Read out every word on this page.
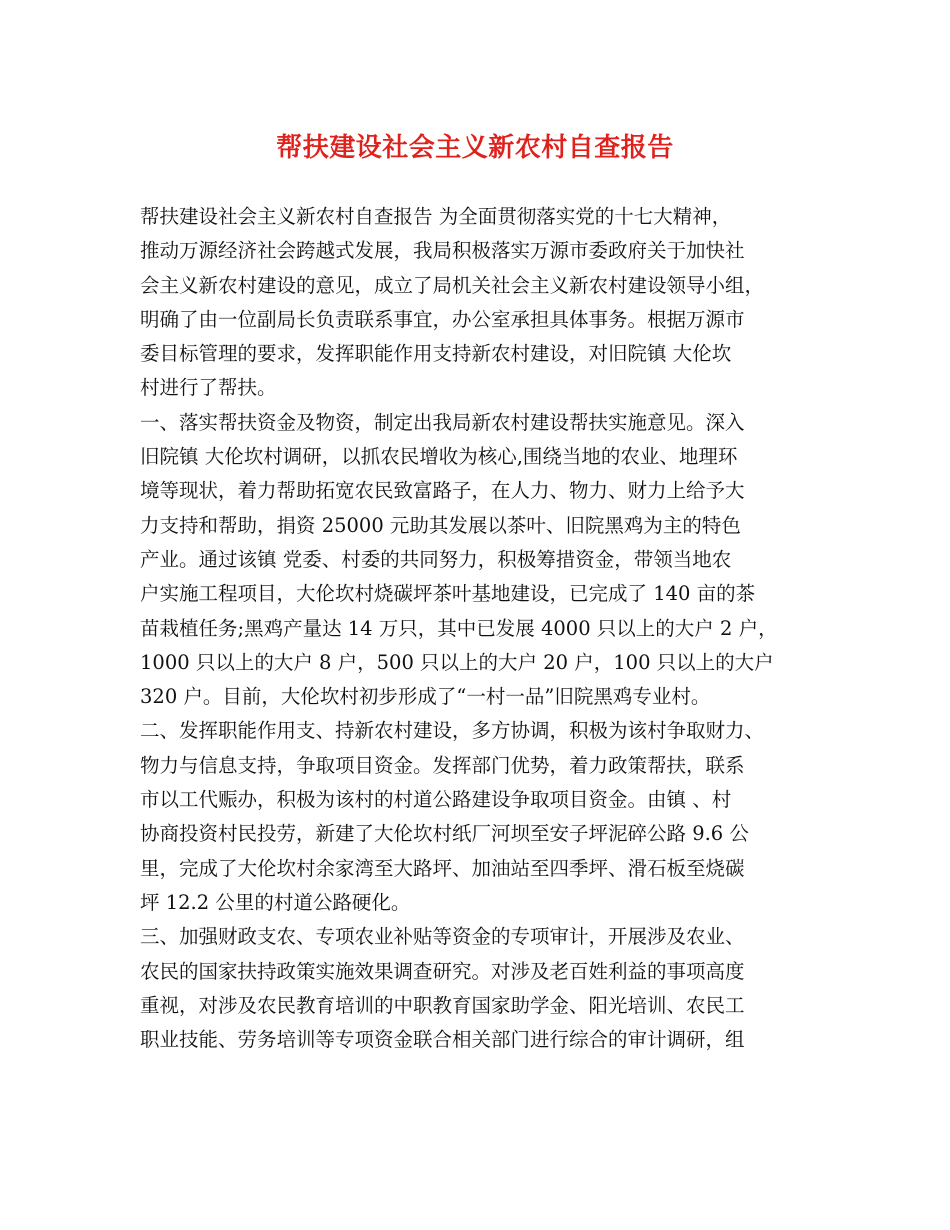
帮扶建设社会主义新农村自查报告
帮扶建设社会主义新农村自查报告 为全面贯彻落实党的十七大精神，
推动万源经济社会跨越式发展，我局积极落实万源市委政府关于加快社
会主义新农村建设的意见，成立了局机关社会主义新农村建设领导小组，
明确了由一位副局长负责联系事宜，办公室承担具体事务。根据万源市
委目标管理的要求，发挥职能作用支持新农村建设，对旧院镇 大伦坎
村进行了帮扶。
一、落实帮扶资金及物资，制定出我局新农村建设帮扶实施意见。深入
旧院镇 大伦坎村调研，以抓农民增收为核心,围绕当地的农业、地理环
境等现状，着力帮助拓宽农民致富路子，在人力、物力、财力上给予大
力支持和帮助，捐资 25000 元助其发展以茶叶、旧院黑鸡为主的特色
产业。通过该镇 党委、村委的共同努力，积极筹措资金，带领当地农
户实施工程项目，大伦坎村烧碳坪茶叶基地建设，已完成了 140 亩的茶
苗栽植任务;黑鸡产量达 14 万只，其中已发展 4000 只以上的大户 2 户，
1000 只以上的大户 8 户，500 只以上的大户 20 户，100 只以上的大户
320 户。目前，大伦坎村初步形成了“一村一品”旧院黑鸡专业村。
二、发挥职能作用支、持新农村建设，多方协调，积极为该村争取财力、
物力与信息支持，争取项目资金。发挥部门优势，着力政策帮扶，联系
市以工代赈办，积极为该村的村道公路建设争取项目资金。由镇 、村
协商投资村民投劳，新建了大伦坎村纸厂河坝至安子坪泥碎公路 9.6 公
里，完成了大伦坎村余家湾至大路坪、加油站至四季坪、滑石板至烧碳
坪 12.2 公里的村道公路硬化。
三、加强财政支农、专项农业补贴等资金的专项审计，开展涉及农业、
农民的国家扶持政策实施效果调查研究。对涉及老百姓利益的事项高度
重视，对涉及农民教育培训的中职教育国家助学金、阳光培训、农民工
职业技能、劳务培训等专项资金联合相关部门进行综合的审计调研，组
